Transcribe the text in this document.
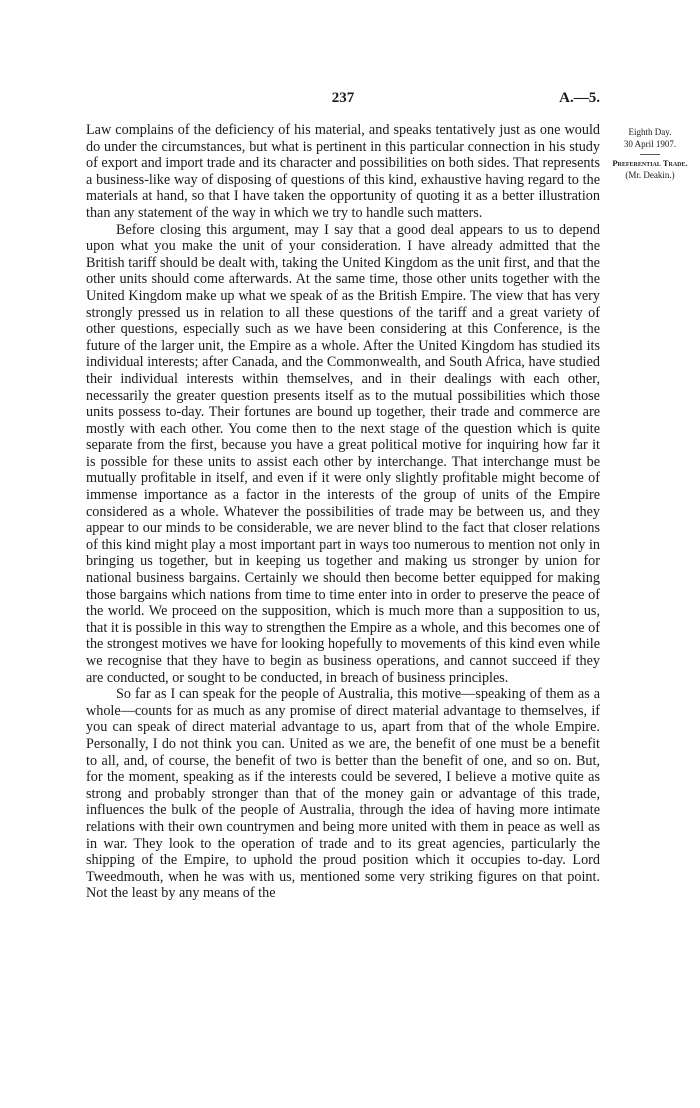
237	A.—5.

Law complains of the deficiency of his material, and speaks tentatively just as one would do under the circumstances, but what is pertinent in this particular connection in his study of export and import trade and its character and possibilities on both sides. That represents a business-like way of disposing of questions of this kind, exhaustive having regard to the materials at hand, so that I have taken the opportunity of quoting it as a better illustration than any statement of the way in which we try to handle such matters.

Before closing this argument, may I say that a good deal appears to us to depend upon what you make the unit of your consideration. I have already admitted that the British tariff should be dealt with, taking the United Kingdom as the unit first, and that the other units should come afterwards. At the same time, those other units together with the United Kingdom make up what we speak of as the British Empire. The view that has very strongly pressed us in relation to all these questions of the tariff and a great variety of other questions, especially such as we have been considering at this Conference, is the future of the larger unit, the Empire as a whole. After the United Kingdom has studied its individual interests; after Canada, and the Commonwealth, and South Africa, have studied their individual interests within themselves, and in their dealings with each other, necessarily the greater question presents itself as to the mutual possibilities which those units possess to-day. Their fortunes are bound up together, their trade and commerce are mostly with each other. You come then to the next stage of the question which is quite separate from the first, because you have a great political motive for inquiring how far it is possible for these units to assist each other by interchange. That interchange must be mutually profitable in itself, and even if it were only slightly profitable might become of immense importance as a factor in the interests of the group of units of the Empire considered as a whole. Whatever the possibilities of trade may be between us, and they appear to our minds to be considerable, we are never blind to the fact that closer relations of this kind might play a most important part in ways too numerous to mention not only in bringing us together, but in keeping us together and making us stronger by union for national business bargains. Certainly we should then become better equipped for making those bargains which nations from time to time enter into in order to preserve the peace of the world. We proceed on the supposition, which is much more than a supposition to us, that it is possible in this way to strengthen the Empire as a whole, and this becomes one of the strongest motives we have for looking hopefully to movements of this kind even while we recognise that they have to begin as business operations, and cannot succeed if they are conducted, or sought to be conducted, in breach of business principles.

So far as I can speak for the people of Australia, this motive—speaking of them as a whole—counts for as much as any promise of direct material advantage to themselves, if you can speak of direct material advantage to us, apart from that of the whole Empire. Personally, I do not think you can. United as we are, the benefit of one must be a benefit to all, and, of course, the benefit of two is better than the benefit of one, and so on. But, for the moment, speaking as if the interests could be severed, I believe a motive quite as strong and probably stronger than that of the money gain or advantage of this trade, influences the bulk of the people of Australia, through the idea of having more intimate relations with their own countrymen and being more united with them in peace as well as in war. They look to the operation of trade and to its great agencies, particularly the shipping of the Empire, to uphold the proud position which it occupies to-day. Lord Tweedmouth, when he was with us, mentioned some very striking figures on that point. Not the least by any means of the

Eighth Day.
30 April 1907.
Preferential Trade.
(Mr. Deakin.)
